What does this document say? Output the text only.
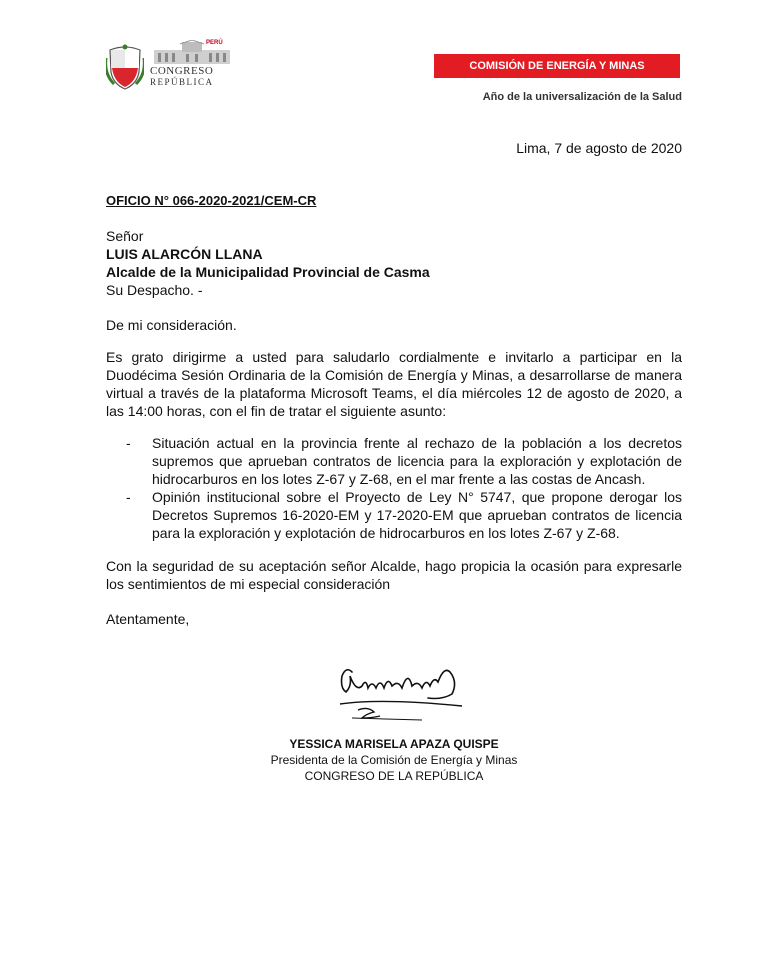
PERÚ
CONGRESO
REPÚBLICA
COMISIÓN DE ENERGÍA Y MINAS
Año de la universalización de la Salud
Lima, 7 de agosto de 2020
OFICIO N° 066-2020-2021/CEM-CR
Señor
LUIS ALARCÓN LLANA
Alcalde de la Municipalidad Provincial de Casma
Su Despacho. -
De mi consideración.
Es grato dirigirme a usted para saludarlo cordialmente e invitarlo a participar en la Duodécima Sesión Ordinaria de la Comisión de Energía y Minas, a desarrollarse de manera virtual a través de la plataforma Microsoft Teams, el día miércoles 12 de agosto de 2020, a las 14:00 horas, con el fin de tratar el siguiente asunto:
- Situación actual en la provincia frente al rechazo de la población a los decretos supremos que aprueban contratos de licencia para la exploración y explotación de hidrocarburos en los lotes Z-67 y Z-68, en el mar frente a las costas de Ancash.
- Opinión institucional sobre el Proyecto de Ley N° 5747, que propone derogar los Decretos Supremos 16-2020-EM y 17-2020-EM que aprueban contratos de licencia para la exploración y explotación de hidrocarburos en los lotes Z-67 y Z-68.
Con la seguridad de su aceptación señor Alcalde, hago propicia la ocasión para expresarle los sentimientos de mi especial consideración
Atentamente,
YESSICA MARISELA APAZA QUISPE
Presidenta de la Comisión de Energía y Minas
CONGRESO DE LA REPÚBLICA
